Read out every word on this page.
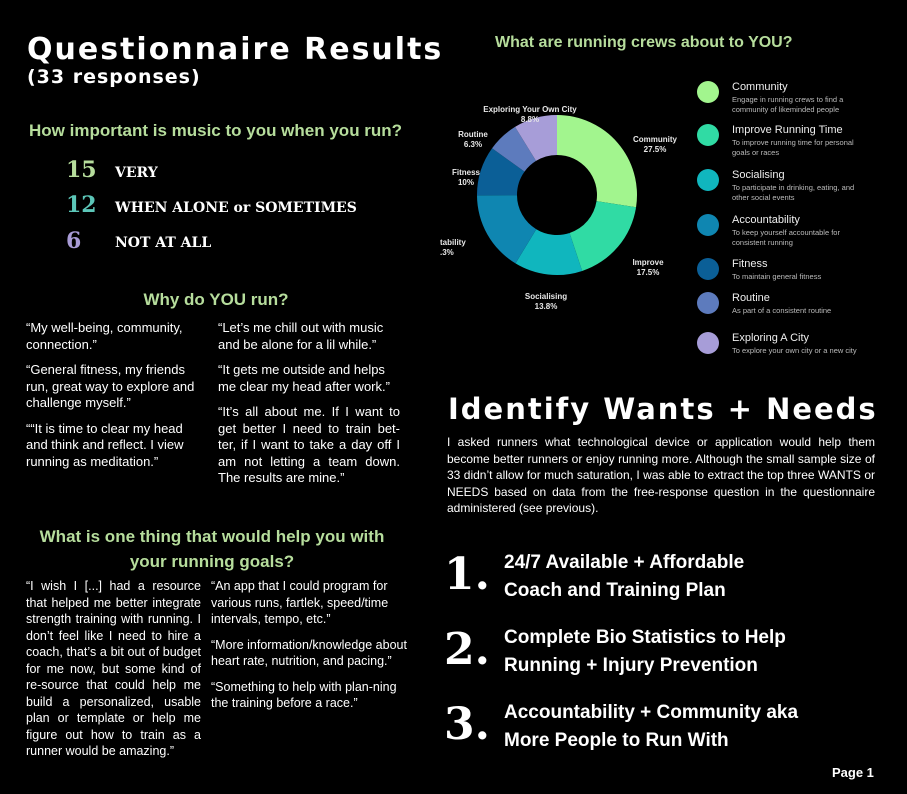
Questionnaire Results
(33 responses)
How important is music to you when you run?
15 VERY
12 WHEN ALONE or SOMETIMES
6 NOT AT ALL
Why do YOU run?

“My well-being, community, connection.”

“General fitness, my friends run, great way to explore and challenge myself.”

““It is time to clear my head and think and reflect. I view running as meditation.”

“Let’s me chill out with music and be alone for a lil while.”

“It gets me outside and helps me clear my head after work.”

“It’s all about me. If I want to get better I need to train bet-ter, if I want to take a day off I am not letting a team down. The results are mine.”

What is one thing that would help you with
your running goals?

“I wish I [...] had a resource that helped me better integrate strength training with running. I don’t feel like I need to hire a coach, that’s a bit out of budget for me now, but some kind of re-source that could help me build a personalized, usable plan or template or help me figure out how to train as a runner would be amazing.”

“An app that I could program for various runs, fartlek, speed/time intervals, tempo, etc.”

“More information/knowledge about heart rate, nutrition, and pacing.”

“Something to help with plan-ning the training before a race.”

What are running crews about to YOU?
Community
27.5%
Improve
17.5%
Socialising
13.8%
tability
.3%
Fitness
10%
Routine
6.3%
Exploring Your Own City
8.8%
Community
Engage in running crews to find a community of likeminded people
Improve Running Time
To improve running time for personal goals or races
Socialising
To participate in drinking, eating, and other social events
Accountability
To keep yourself accountable for consistent running
Fitness
To maintain general fitness
Routine
As part of a consistent routine
Exploring A City
To explore your own city or a new city
Identify Wants + Needs
I asked runners what technological device or application would help them become better runners or enjoy running more. Although the small sample size of 33 didn’t allow for much saturation, I was able to extract the top three WANTS or NEEDS based on data from the free-response question in the questionnaire administered (see previous).
1. 24/7 Available + Affordable
Coach and Training Plan
2. Complete Bio Statistics to Help
Running + Injury Prevention
3. Accountability + Community aka
More People to Run With
Page 1
